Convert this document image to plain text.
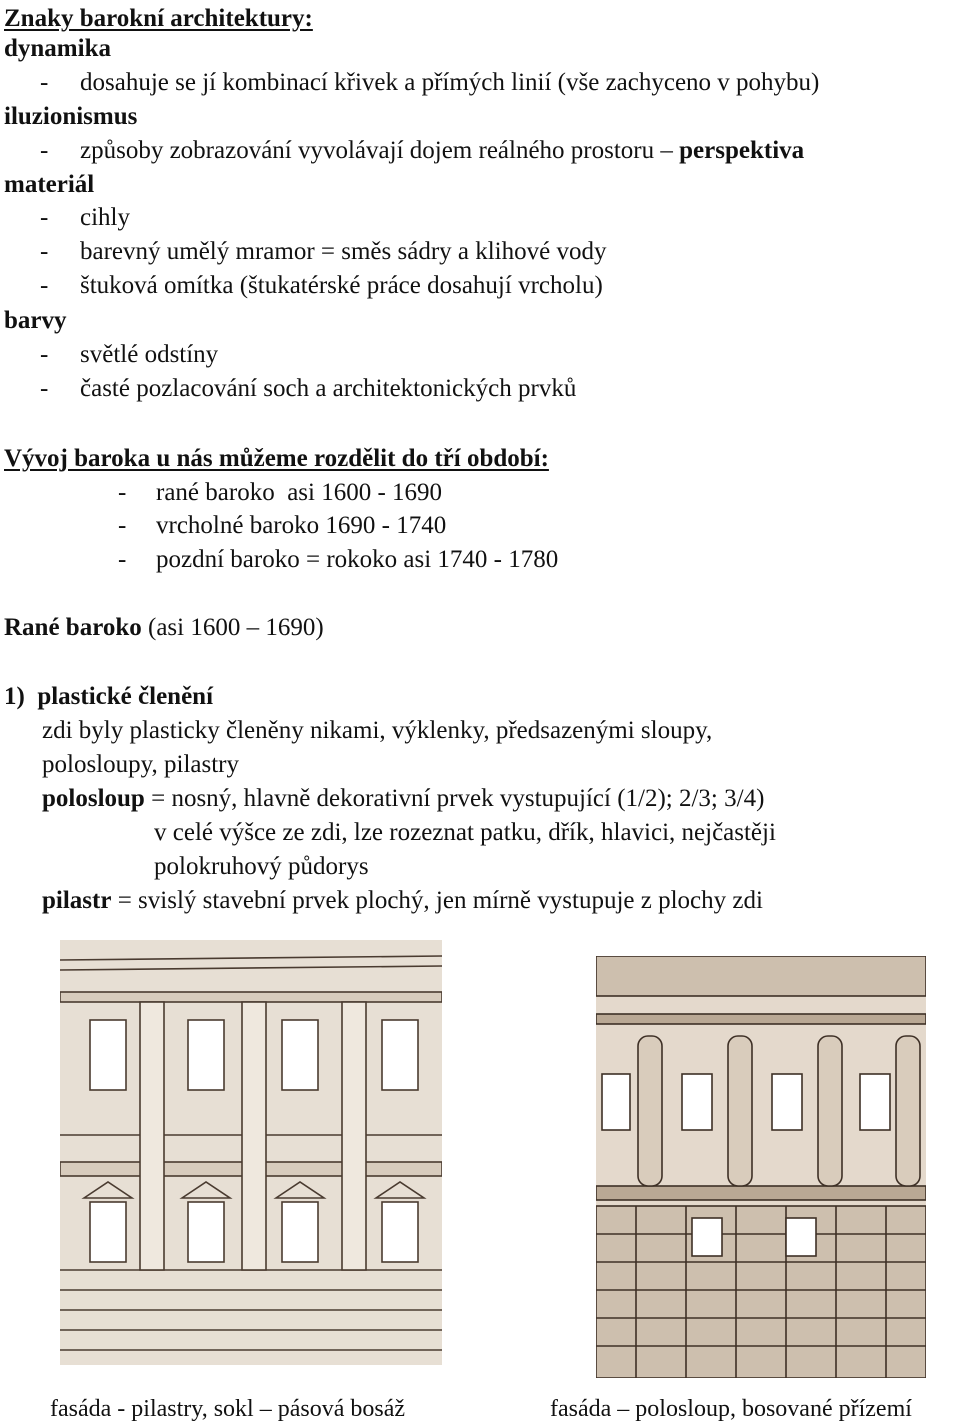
Znaky barokní architektury:
dynamika
- dosahuje se jí kombinací křivek a přímých linií (vše zachyceno v pohybu)
iluzionismus
- způsoby zobrazování vyvolávají dojem reálného prostoru – perspektiva
materiál
- cihly
- barevný umělý mramor = směs sádry a klihové vody
- štuková omítka (štukatérské práce dosahují vrcholu)
barvy
- světlé odstíny
- časté pozlacování soch a architektonických prvků
Vývoj baroka u nás můžeme rozdělit do tří období:
- rané baroko  asi 1600 - 1690
- vrcholné baroko 1690 - 1740
- pozdní baroko = rokoko asi 1740 - 1780
Rané baroko (asi 1600 – 1690)
1)  plastické členění
zdi byly plasticky členěny nikami, výklenky, předsazenými sloupy,
polosloupy, pilastry
polosloup = nosný, hlavně dekorativní prvek vystupující (1/2); 2/3; 3/4)
v celé výšce ze zdi, lze rozeznat patku, dřík, hlavici, nejčastěji
polokruhový půdorys
pilastr = svislý stavební prvek plochý, jen mírně vystupuje z plochy zdi
fasáda - pilastry, sokl – pásová bosáž	fasáda – polosloup, bosované přízemí
